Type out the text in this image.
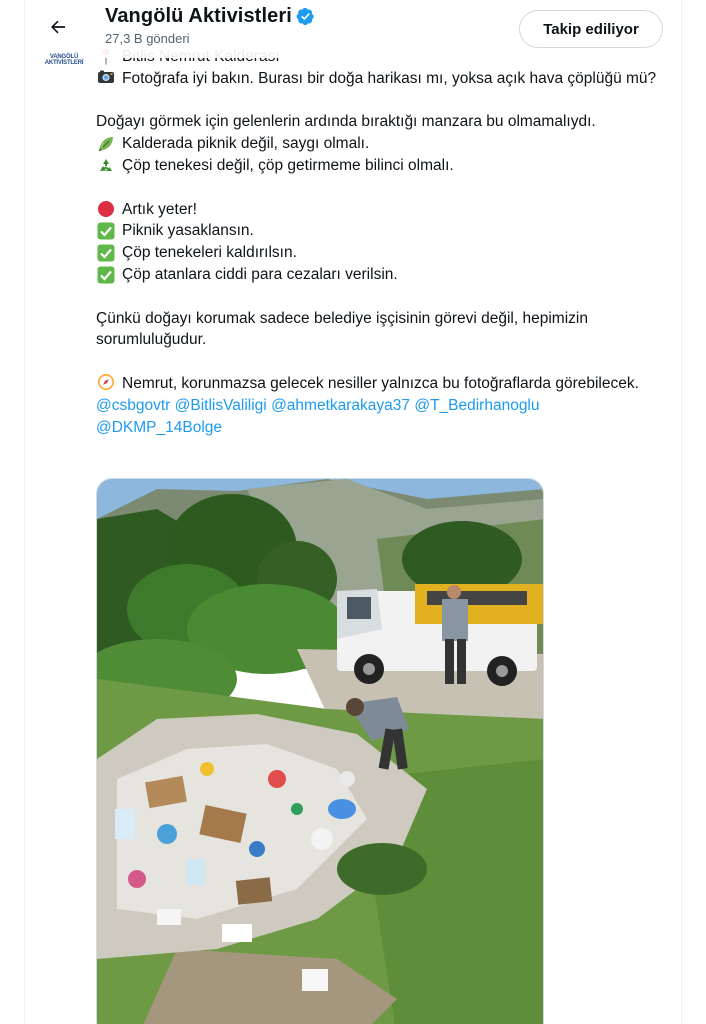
Vangölü Aktivistleri
27,3 B gönderi
Takip ediliyor
VANGÖLÜ AKTİVİSTLERİ
Fotoğrafa iyi bakın. Burası bir doğa harikası mı, yoksa açık hava çöplüğü mü?
Doğayı görmek için gelenlerin ardında bıraktığı manzara bu olmamalıydı.
Kalderada piknik değil, saygı olmalı.
Çöp tenekesi değil, çöp getirmeme bilinci olmalı.
Artık yeter!
Piknik yasaklansın.
Çöp tenekeleri kaldırılsın.
Çöp atanlara ciddi para cezaları verilsin.
Çünkü doğayı korumak sadece belediye işçisinin görevi değil, hepimizin sorumluluğudur.
Nemrut, korunmazsa gelecek nesiller yalnızca bu fotoğraflarda görebilecek. @csbgovtr @BitlisValiligi @ahmetkarakaya37 @T_Bedirhanoglu @DKMP_14Bolge
